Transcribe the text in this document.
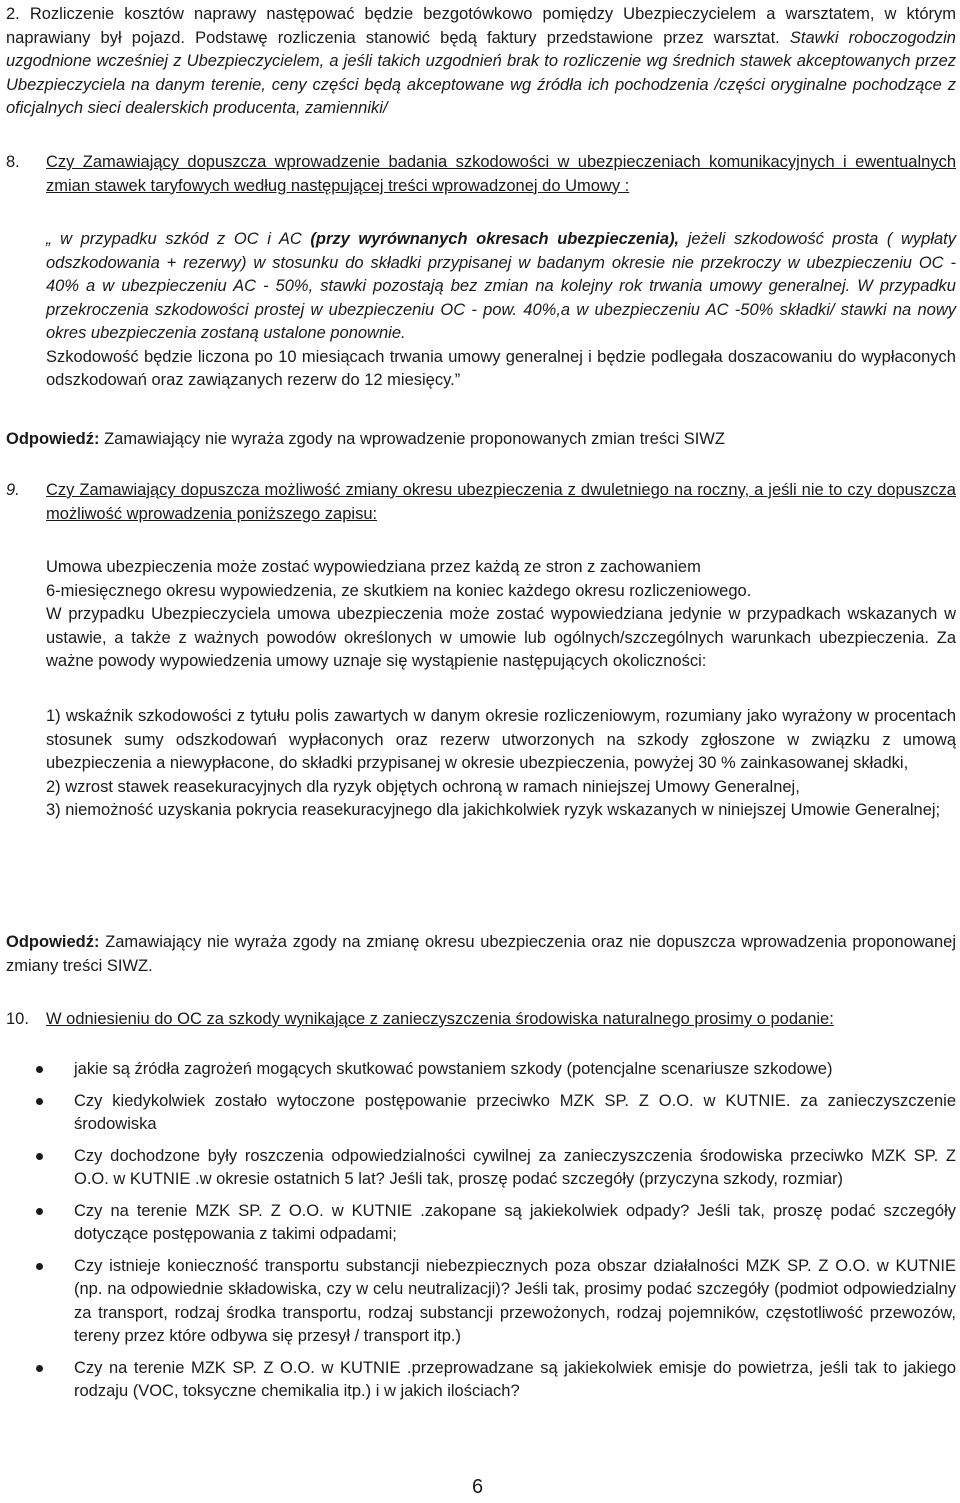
2. Rozliczenie kosztów naprawy następować będzie bezgotówkowo pomiędzy Ubezpieczycielem a warsztatem, w którym naprawiany był pojazd. Podstawę rozliczenia stanowić będą faktury przedstawione przez warsztat. Stawki roboczogodzin uzgodnione wcześniej z Ubezpieczycielem, a jeśli takich uzgodnień brak to rozliczenie wg średnich stawek akceptowanych przez Ubezpieczyciela na danym terenie, ceny części będą akceptowane wg źródła ich pochodzenia /części oryginalne pochodzące z oficjalnych sieci dealerskich producenta, zamienniki/

8. Czy Zamawiający dopuszcza wprowadzenie badania szkodowości w ubezpieczeniach komunikacyjnych i ewentualnych zmian stawek taryfowych według następującej treści wprowadzonej do Umowy :

„ w przypadku szkód z OC i AC (przy wyrównanych okresach ubezpieczenia), jeżeli szkodowość prosta ( wypłaty odszkodowania + rezerwy) w stosunku do składki przypisanej w badanym okresie nie przekroczy w ubezpieczeniu OC - 40% a w ubezpieczeniu AC - 50%, stawki pozostają bez zmian na kolejny rok trwania umowy generalnej. W przypadku przekroczenia szkodowości prostej w ubezpieczeniu OC - pow. 40%,a w ubezpieczeniu AC -50% składki/ stawki na nowy okres ubezpieczenia zostaną ustalone ponownie.

Szkodowość będzie liczona po 10 miesiącach trwania umowy generalnej i będzie podlegała doszacowaniu do wypłaconych odszkodowań oraz zawiązanych rezerw do 12 miesięcy.”

Odpowiedź: Zamawiający nie wyraża zgody na wprowadzenie proponowanych zmian treści SIWZ

9. Czy Zamawiający dopuszcza możliwość zmiany okresu ubezpieczenia z dwuletniego na roczny, a jeśli nie to czy dopuszcza możliwość wprowadzenia poniższego zapisu:

Umowa ubezpieczenia może zostać wypowiedziana przez każdą ze stron z zachowaniem

6-miesięcznego okresu wypowiedzenia, ze skutkiem na koniec każdego okresu rozliczeniowego.

W przypadku Ubezpieczyciela umowa ubezpieczenia może zostać wypowiedziana jedynie w przypadkach wskazanych w ustawie, a także z ważnych powodów określonych w umowie lub ogólnych/szczególnych warunkach ubezpieczenia. Za ważne powody wypowiedzenia umowy uznaje się wystąpienie następujących okoliczności:

1) wskaźnik szkodowości z tytułu polis zawartych w danym okresie rozliczeniowym, rozumiany jako wyrażony w procentach stosunek sumy odszkodowań wypłaconych oraz rezerw utworzonych na szkody zgłoszone w związku z umową ubezpieczenia a niewypłacone, do składki przypisanej w okresie ubezpieczenia, powyżej 30 % zainkasowanej składki,

2) wzrost stawek reasekuracyjnych dla ryzyk objętych ochroną w ramach niniejszej Umowy Generalnej,

3) niemożność uzyskania pokrycia reasekuracyjnego dla jakichkolwiek ryzyk wskazanych w niniejszej Umowie Generalnej;

Odpowiedź: Zamawiający nie wyraża zgody na zmianę okresu ubezpieczenia oraz nie dopuszcza wprowadzenia proponowanej zmiany treści SIWZ.

10. W odniesieniu do OC za szkody wynikające z zanieczyszczenia środowiska naturalnego prosimy o podanie:

jakie są źródła zagrożeń mogących skutkować powstaniem szkody (potencjalne scenariusze szkodowe)
Czy kiedykolwiek zostało wytoczone postępowanie przeciwko MZK SP. Z O.O. w KUTNIE. za zanieczyszczenie środowiska
Czy dochodzone były roszczenia odpowiedzialności cywilnej za zanieczyszczenia środowiska przeciwko MZK SP. Z O.O. w KUTNIE .w okresie ostatnich 5 lat? Jeśli tak, proszę podać szczegóły (przyczyna szkody, rozmiar)
Czy na terenie MZK SP. Z O.O. w KUTNIE .zakopane są jakiekolwiek odpady? Jeśli tak, proszę podać szczegóły dotyczące postępowania z takimi odpadami;
Czy istnieje konieczność transportu substancji niebezpiecznych poza obszar działalności MZK SP. Z O.O. w KUTNIE (np. na odpowiednie składowiska, czy w celu neutralizacji)? Jeśli tak, prosimy podać szczegóły (podmiot odpowiedzialny za transport, rodzaj środka transportu, rodzaj substancji przewożonych, rodzaj pojemników, częstotliwość przewozów, tereny przez które odbywa się przesył / transport itp.)
Czy na terenie MZK SP. Z O.O. w KUTNIE .przeprowadzane są jakiekolwiek emisje do powietrza, jeśli tak to jakiego rodzaju (VOC, toksyczne chemikalia itp.) i w jakich ilościach?
6
